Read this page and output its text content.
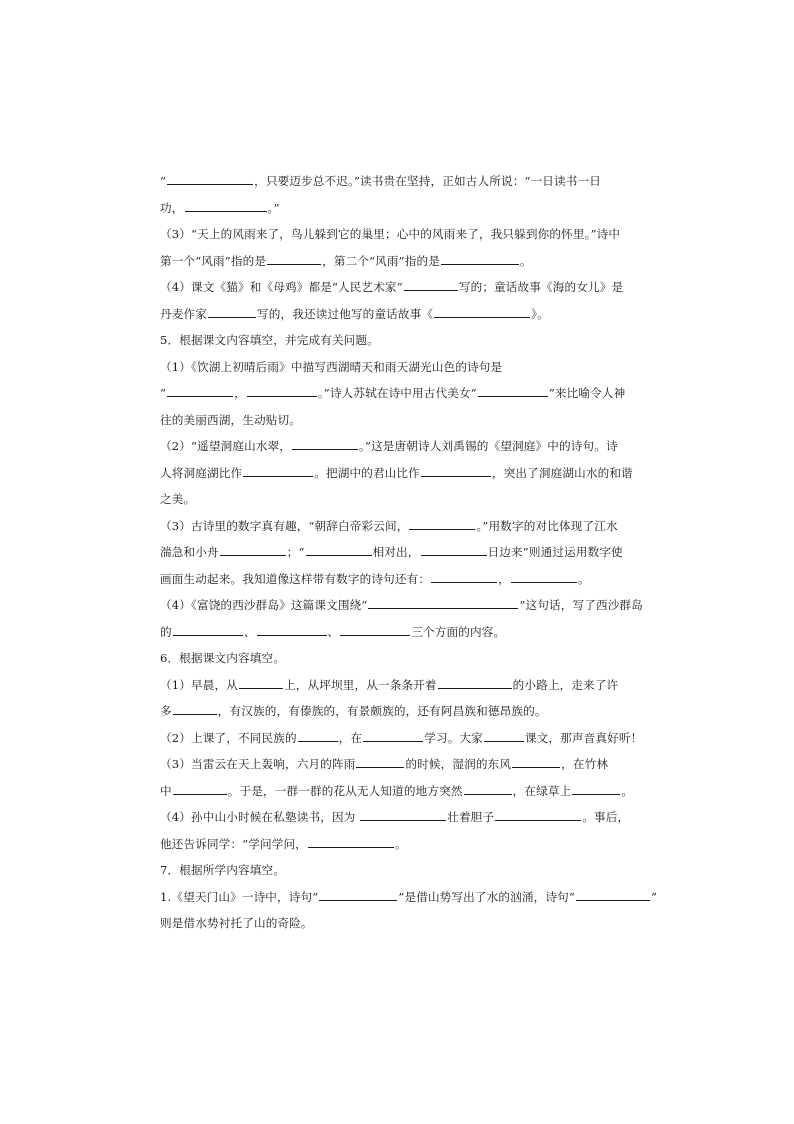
“	，只要迈步总不迟。”读书贵在坚持，正如古人所说：“一日读书一日
功，	。”
（3）“天上的风雨来了，鸟儿躲到它的巢里；心中的风雨来了，我只躲到你的怀里。”诗中
第一个“风雨”指的是	，第二个“风雨”指的是	。
（4）课文《猫》和《母鸡》都是“人民艺术家”	写的；童话故事《海的女儿》是
丹麦作家	写的，我还读过他写的童话故事《	》。
5．根据课文内容填空，并完成有关问题。
（1）《饮湖上初晴后雨》中描写西湖晴天和雨天湖光山色的诗句是
“	，	。”诗人苏轼在诗中用古代美女“	”来比喻令人神
往的美丽西湖，生动贴切。
（2）“遥望洞庭山水翠，	。”这是唐朝诗人刘禹锡的《望洞庭》中的诗句。诗
人将洞庭湖比作	。把湖中的君山比作	，突出了洞庭湖山水的和谐
之美。
（3）古诗里的数字真有趣，“朝辞白帝彩云间，	。”用数字的对比体现了江水
湍急和小舟	；“	相对出，	日边来”则通过运用数字使
画面生动起来。我知道像这样带有数字的诗句还有：	，	。
（4）《富饶的西沙群岛》这篇课文围绕“	”这句话，写了西沙群岛
的	、	、	三个方面的内容。
6．根据课文内容填空。
（1）早晨，从	上，从坪坝里，从一条条开着	的小路上，走来了许
多	，有汉族的，有傣族的，有景颇族的，还有阿昌族和德昂族的。
（2）上课了，不同民族的	，在	学习。大家	课文，那声音真好听！
（3）当雷云在天上轰响，六月的阵雨	的时候，湿润的东风	，在竹林
中	。于是，一群一群的花从无人知道的地方突然	，在绿草上	。
（4）孙中山小时候在私塾读书，因为	壮着胆子	。事后，
他还告诉同学：“学问学问，	。
7．根据所学内容填空。
1.《望天门山》一诗中，诗句“	”是借山势写出了水的汹涌，诗句“	”
则是借水势衬托了山的奇险。
